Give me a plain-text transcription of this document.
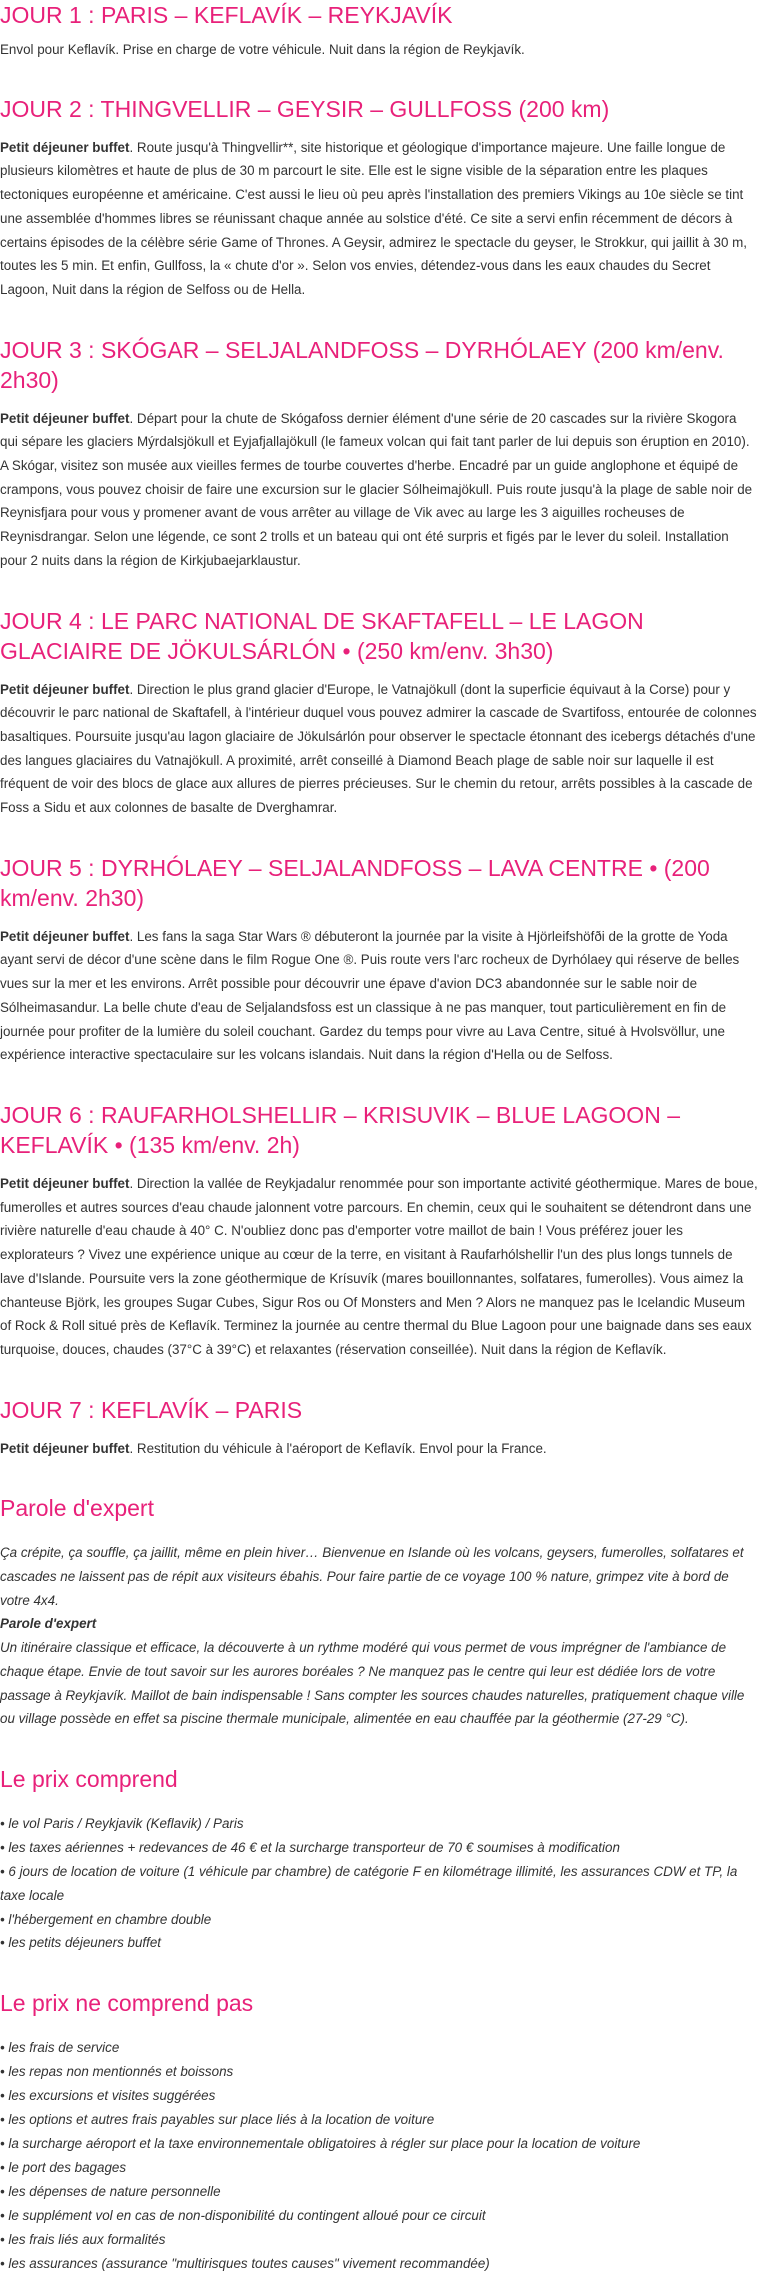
JOUR 1 : PARIS – KEFLAVÍK – REYKJAVÍK

Envol pour Keflavík. Prise en charge de votre véhicule. Nuit dans la région de Reykjavík.

JOUR 2 : THINGVELLIR – GEYSIR – GULLFOSS (200 km)

Petit déjeuner buffet. Route jusqu'à Thingvellir**, site historique et géologique d'importance majeure. Une faille longue de plusieurs kilomètres et haute de plus de 30 m parcourt le site. Elle est le signe visible de la séparation entre les plaques tectoniques européenne et américaine. C'est aussi le lieu où peu après l'installation des premiers Vikings au 10e siècle se tint une assemblée d'hommes libres se réunissant chaque année au solstice d'été. Ce site a servi enfin récemment de décors à certains épisodes de la célèbre série Game of Thrones. A Geysir, admirez le spectacle du geyser, le Strokkur, qui jaillit à 30 m, toutes les 5 min. Et enfin, Gullfoss, la « chute d'or ». Selon vos envies, détendez-vous dans les eaux chaudes du Secret Lagoon, Nuit dans la région de Selfoss ou de Hella.

JOUR 3 : SKÓGAR – SELJALANDFOSS – DYRHÓLAEY (200 km/env. 2h30)

Petit déjeuner buffet. Départ pour la chute de Skógafoss dernier élément d'une série de 20 cascades sur la rivière Skogora qui sépare les glaciers Mýrdalsjökull et Eyjafjallajökull (le fameux volcan qui fait tant parler de lui depuis son éruption en 2010). A Skógar, visitez son musée aux vieilles fermes de tourbe couvertes d'herbe. Encadré par un guide anglophone et équipé de crampons, vous pouvez choisir de faire une excursion sur le glacier Sólheimajökull. Puis route jusqu'à la plage de sable noir de Reynisfjara pour vous y promener avant de vous arrêter au village de Vik avec au large les 3 aiguilles rocheuses de Reynisdrangar. Selon une légende, ce sont 2 trolls et un bateau qui ont été surpris et figés par le lever du soleil. Installation pour 2 nuits dans la région de Kirkjubaejarklaustur.

JOUR 4 : LE PARC NATIONAL DE SKAFTAFELL – LE LAGON GLACIAIRE DE JÖKULSÁRLÓN • (250 km/env. 3h30)

Petit déjeuner buffet. Direction le plus grand glacier d'Europe, le Vatnajökull (dont la superficie équivaut à la Corse) pour y découvrir le parc national de Skaftafell, à l'intérieur duquel vous pouvez admirer la cascade de Svartifoss, entourée de colonnes basaltiques. Poursuite jusqu'au lagon glaciaire de Jökulsárlón pour observer le spectacle étonnant des icebergs détachés d'une des langues glaciaires du Vatnajökull. A proximité, arrêt conseillé à Diamond Beach plage de sable noir sur laquelle il est fréquent de voir des blocs de glace aux allures de pierres précieuses. Sur le chemin du retour, arrêts possibles à la cascade de Foss a Sidu et aux colonnes de basalte de Dverghamrar.

JOUR 5 : DYRHÓLAEY – SELJALANDFOSS – LAVA CENTRE • (200 km/env. 2h30)

Petit déjeuner buffet. Les fans la saga Star Wars ® débuteront la journée par la visite à Hjörleifshöfði de la grotte de Yoda ayant servi de décor d'une scène dans le film Rogue One ®. Puis route vers l'arc rocheux de Dyrhólaey qui réserve de belles vues sur la mer et les environs. Arrêt possible pour découvrir une épave d'avion DC3 abandonnée sur le sable noir de Sólheimasandur. La belle chute d'eau de Seljalandsfoss est un classique à ne pas manquer, tout particulièrement en fin de journée pour profiter de la lumière du soleil couchant. Gardez du temps pour vivre au Lava Centre, situé à Hvolsvöllur, une expérience interactive spectaculaire sur les volcans islandais. Nuit dans la région d'Hella ou de Selfoss.

JOUR 6 : RAUFARHOLSHELLIR – KRISUVIK – BLUE LAGOON – KEFLAVÍK • (135 km/env. 2h)

Petit déjeuner buffet. Direction la vallée de Reykjadalur renommée pour son importante activité géothermique. Mares de boue, fumerolles et autres sources d'eau chaude jalonnent votre parcours. En chemin, ceux qui le souhaitent se détendront dans une rivière naturelle d'eau chaude à 40° C. N'oubliez donc pas d'emporter votre maillot de bain ! Vous préférez jouer les explorateurs ? Vivez une expérience unique au cœur de la terre, en visitant à Raufarhólshellir l'un des plus longs tunnels de lave d'Islande. Poursuite vers la zone géothermique de Krísuvík (mares bouillonnantes, solfatares, fumerolles). Vous aimez la chanteuse Björk, les groupes Sugar Cubes, Sigur Ros ou Of Monsters and Men ? Alors ne manquez pas le Icelandic Museum of Rock & Roll situé près de Keflavík. Terminez la journée au centre thermal du Blue Lagoon pour une baignade dans ses eaux turquoise, douces, chaudes (37°C à 39°C) et relaxantes (réservation conseillée). Nuit dans la région de Keflavík.

JOUR 7 : KEFLAVÍK – PARIS

Petit déjeuner buffet. Restitution du véhicule à l'aéroport de Keflavík. Envol pour la France.

Parole d'expert

Ça crépite, ça souffle, ça jaillit, même en plein hiver… Bienvenue en Islande où les volcans, geysers, fumerolles, solfatares et cascades ne laissent pas de répit aux visiteurs ébahis. Pour faire partie de ce voyage 100 % nature, grimpez vite à bord de votre 4x4.

Parole d'expert

Un itinéraire classique et efficace, la découverte à un rythme modéré qui vous permet de vous imprégner de l'ambiance de chaque étape. Envie de tout savoir sur les aurores boréales ? Ne manquez pas le centre qui leur est dédiée lors de votre passage à Reykjavík. Maillot de bain indispensable ! Sans compter les sources chaudes naturelles, pratiquement chaque ville ou village possède en effet sa piscine thermale municipale, alimentée en eau chauffée par la géothermie (27-29 °C).

Le prix comprend
• le vol Paris / Reykjavik (Keflavik) / Paris
• les taxes aériennes + redevances de 46 € et la surcharge transporteur de 70 € soumises à modification
• 6 jours de location de voiture (1 véhicule par chambre) de catégorie F en kilométrage illimité, les assurances CDW et TP, la taxe locale
• l'hébergement en chambre double
• les petits déjeuners buffet
Le prix ne comprend pas
• les frais de service
• les repas non mentionnés et boissons
• les excursions et visites suggérées
• les options et autres frais payables sur place liés à la location de voiture
• la surcharge aéroport et la taxe environnementale obligatoires à régler sur place pour la location de voiture
• le port des bagages
• les dépenses de nature personnelle
• le supplément vol en cas de non-disponibilité du contingent alloué pour ce circuit
• les frais liés aux formalités
• les assurances (assurance "multirisques toutes causes" vivement recommandée)
